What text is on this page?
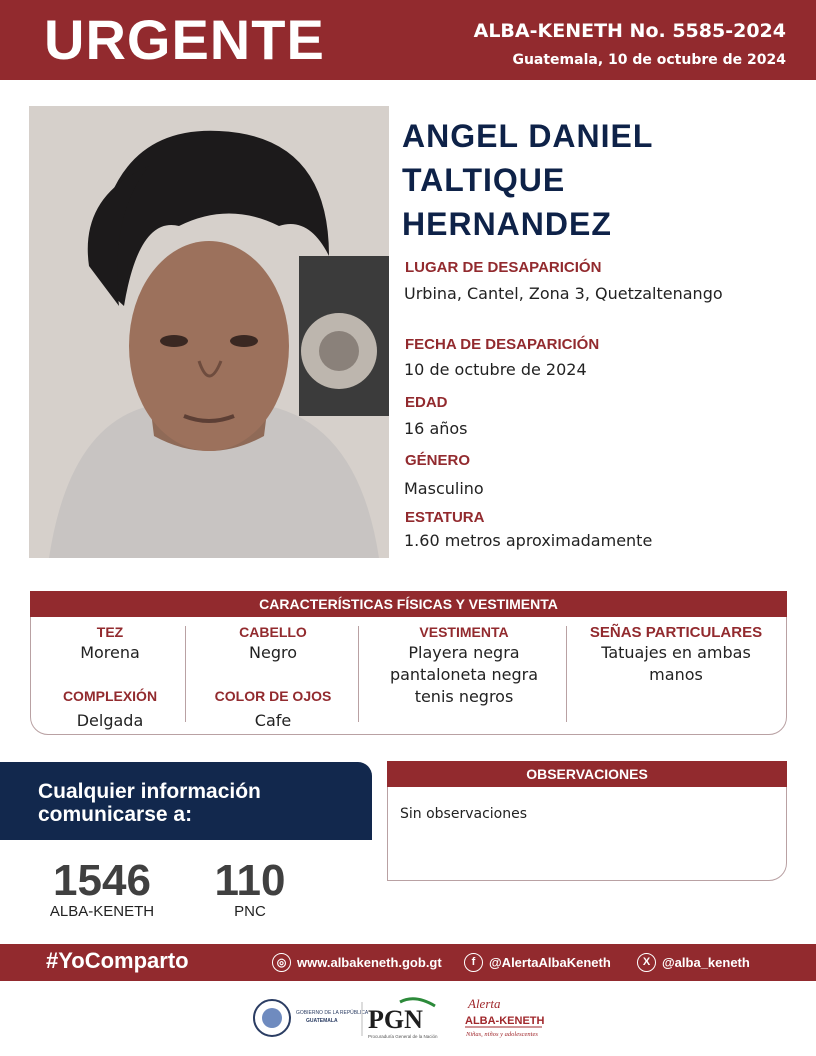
URGENTE	ALBA-KENETH No. 5585-2024
Guatemala, 10 de octubre de 2024
ANGEL DANIEL
TALTIQUE
HERNANDEZ
LUGAR DE DESAPARICIÓN
Urbina, Cantel, Zona 3, Quetzaltenango
FECHA DE DESAPARICIÓN
10 de octubre de 2024
EDAD
16 años
GÉNERO
Masculino
ESTATURA
1.60 metros aproximadamente
CARACTERÍSTICAS FÍSICAS Y VESTIMENTA
TEZ
Morena
COMPLEXIÓN
Delgada
CABELLO
Negro
COLOR DE OJOS
Cafe
VESTIMENTA
Playera negra
pantaloneta negra
tenis negros
SEÑAS PARTICULARES
Tatuajes en ambas
manos
Cualquier información
comunicarse a:
1546
ALBA-KENETH
110
PNC
OBSERVACIONES
Sin observaciones
#YoComparto	◎ www.albakeneth.gob.gt	f	@AlertaAlbaKeneth	X @alba_keneth
GOBIERNO DE LA REPÚBLICA
GUATEMALA PGN
Procuraduría General de la Nación
Alerta
ALBA-KENETH
Niñas, niños y adolescentes
